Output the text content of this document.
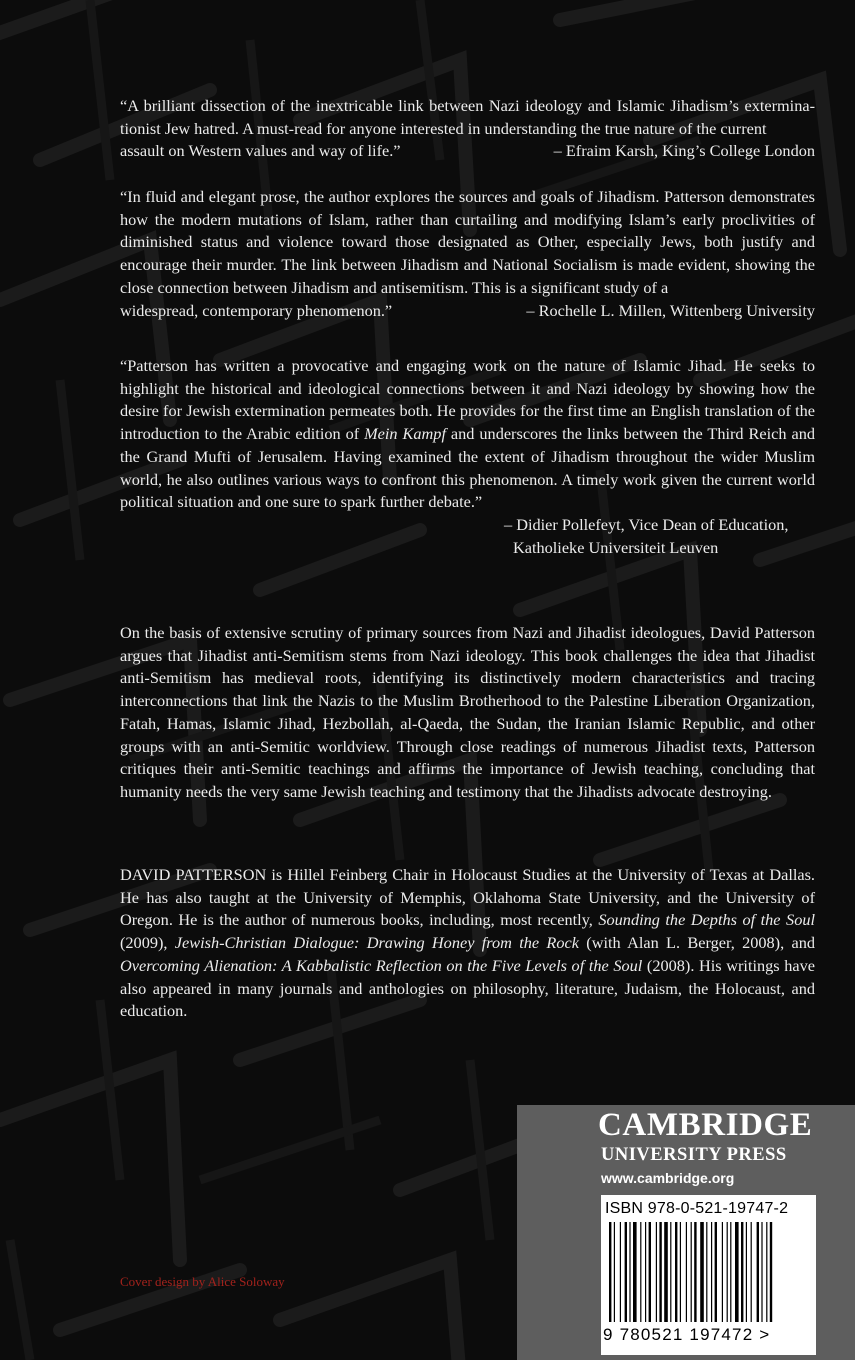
“A brilliant dissection of the inextricable link between Nazi ideology and Islamic Jihadism’s exterminationist Jew hatred. A must-read for anyone interested in understanding the true nature of the current

assault on Western values and way of life.”	– Efraim Karsh, King’s College London

“In fluid and elegant prose, the author explores the sources and goals of Jihadism. Patterson demonstrates how the modern mutations of Islam, rather than curtailing and modifying Islam’s early proclivities of diminished status and violence toward those designated as Other, especially Jews, both justify and encourage their murder. The link between Jihadism and National Socialism is made evident, showing the close connection between Jihadism and antisemitism. This is a significant study of a

widespread, contemporary phenomenon.”	– Rochelle L. Millen, Wittenberg University

“Patterson has written a provocative and engaging work on the nature of Islamic Jihad. He seeks to highlight the historical and ideological connections between it and Nazi ideology by showing how the desire for Jewish extermination permeates both. He provides for the first time an English translation of the introduction to the Arabic edition of Mein Kampf and underscores the links between the Third Reich and the Grand Mufti of Jerusalem. Having examined the extent of Jihadism throughout the wider Muslim world, he also outlines various ways to confront this phenomenon. A timely work given the current world political situation and one sure to spark further debate.”

– Didier Pollefeyt, Vice Dean of Education,
Katholieke Universiteit Leuven

On the basis of extensive scrutiny of primary sources from Nazi and Jihadist ideologues, David Patterson argues that Jihadist anti-Semitism stems from Nazi ideology. This book challenges the idea that Jihadist anti-Semitism has medieval roots, identifying its distinctively modern characteristics and tracing interconnections that link the Nazis to the Muslim Brotherhood to the Palestine Liberation Organization, Fatah, Hamas, Islamic Jihad, Hezbollah, al-Qaeda, the Sudan, the Iranian Islamic Republic, and other groups with an anti-Semitic worldview. Through close readings of numerous Jihadist texts, Patterson critiques their anti-Semitic teachings and affirms the importance of Jewish teaching, concluding that humanity needs the very same Jewish teaching and testimony that the Jihadists advocate destroying.

DAVID PATTERSON is Hillel Feinberg Chair in Holocaust Studies at the University of Texas at Dallas. He has also taught at the University of Memphis, Oklahoma State University, and the University of Oregon. He is the author of numerous books, including, most recently, Sounding the Depths of the Soul (2009), Jewish-Christian Dialogue: Drawing Honey from the Rock (with Alan L. Berger, 2008), and Overcoming Alienation: A Kabbalistic Reflection on the Five Levels of the Soul (2008). His writings have also appeared in many journals and anthologies on philosophy, literature, Judaism, the Holocaust, and education.

Cover design by Alice Soloway
CAMBRIDGE
UNIVERSITY PRESS
www.cambridge.org
ISBN 978-0-521-19747-2
9 780521 197472 >
